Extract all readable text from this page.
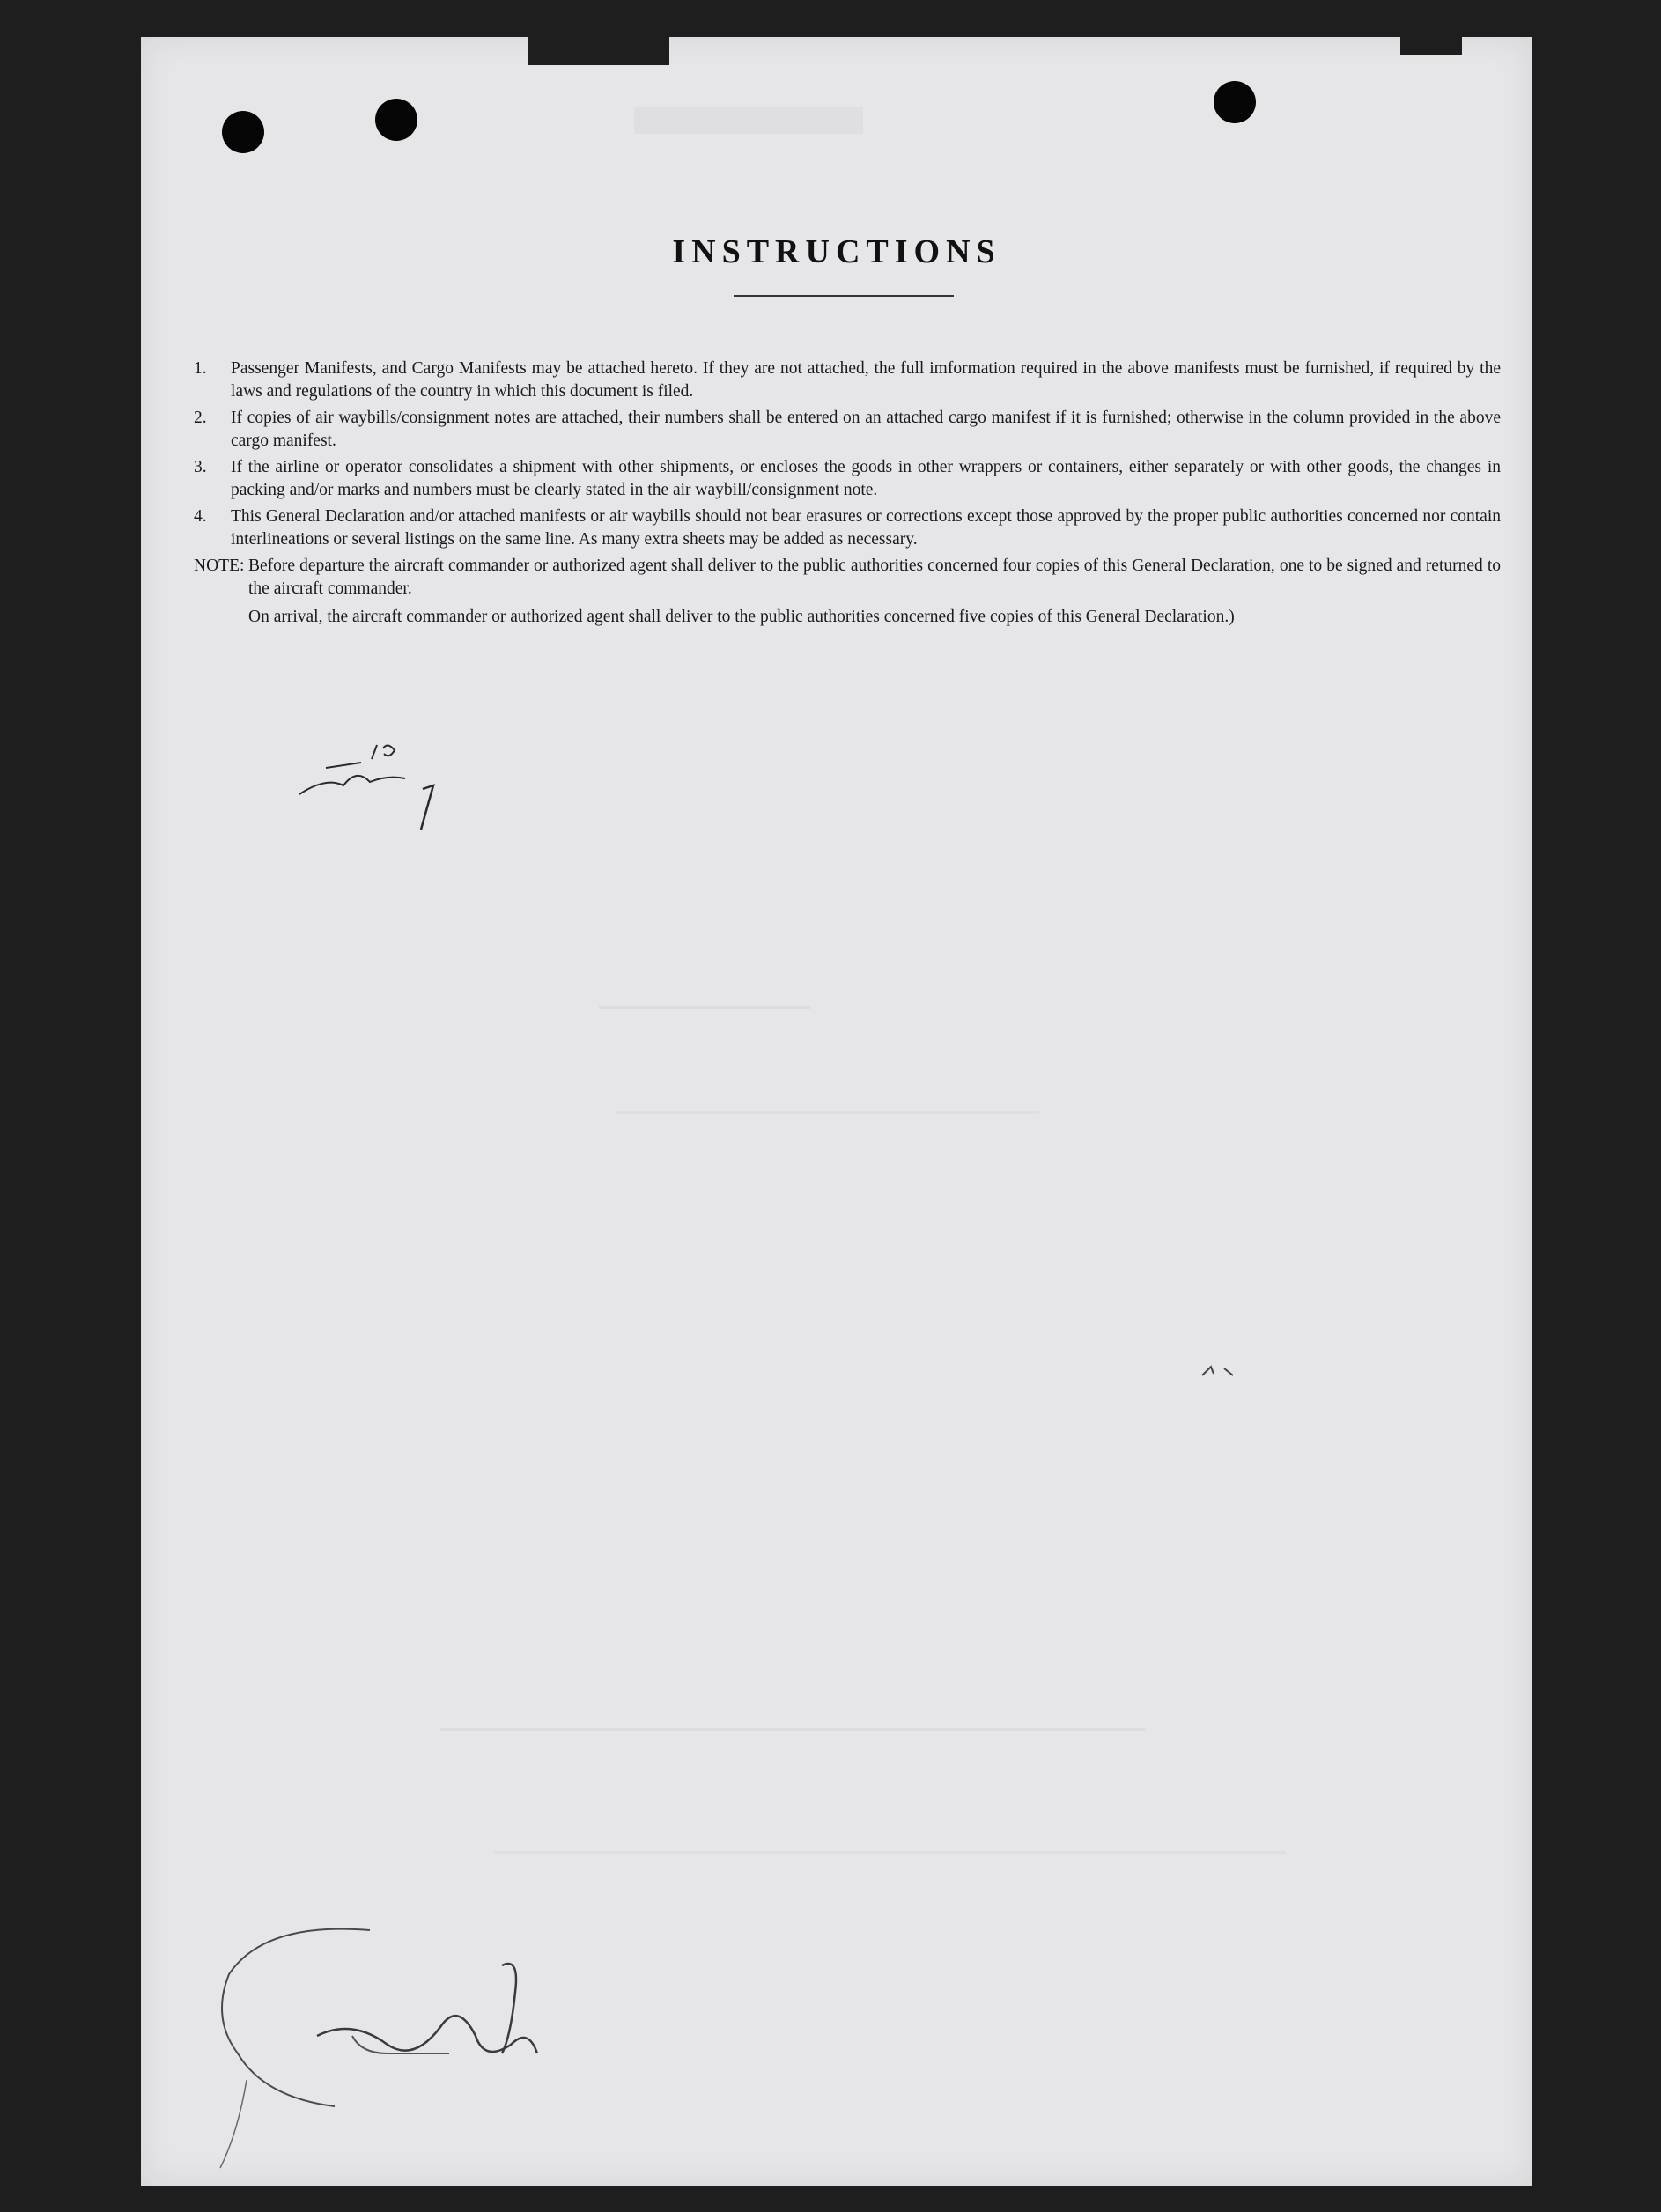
INSTRUCTIONS
1. Passenger Manifests, and Cargo Manifests may be attached hereto. If they are not attached, the full imformation required in the above manifests must be furnished, if required by the laws and regulations of the country in which this document is filed.
2. If copies of air waybills/consignment notes are attached, their numbers shall be entered on an attached cargo manifest if it is furnished; otherwise in the column provided in the above cargo manifest.
3. If the airline or operator consolidates a shipment with other shipments, or encloses the goods in other wrappers or containers, either separately or with other goods, the changes in packing and/or marks and numbers must be clearly stated in the air waybill/consignment note.
4. This General Declaration and/or attached manifests or air waybills should not bear erasures or corrections except those approved by the proper public authorities concerned nor contain interlineations or several listings on the same line. As many extra sheets may be added as necessary.
NOTE: Before departure the aircraft commander or authorized agent shall deliver to the public authorities concerned four copies of this General Declaration, one to be signed and returned to the aircraft commander.
On arrival, the aircraft commander or authorized agent shall deliver to the public authorities concerned five copies of this General Declaration.)
